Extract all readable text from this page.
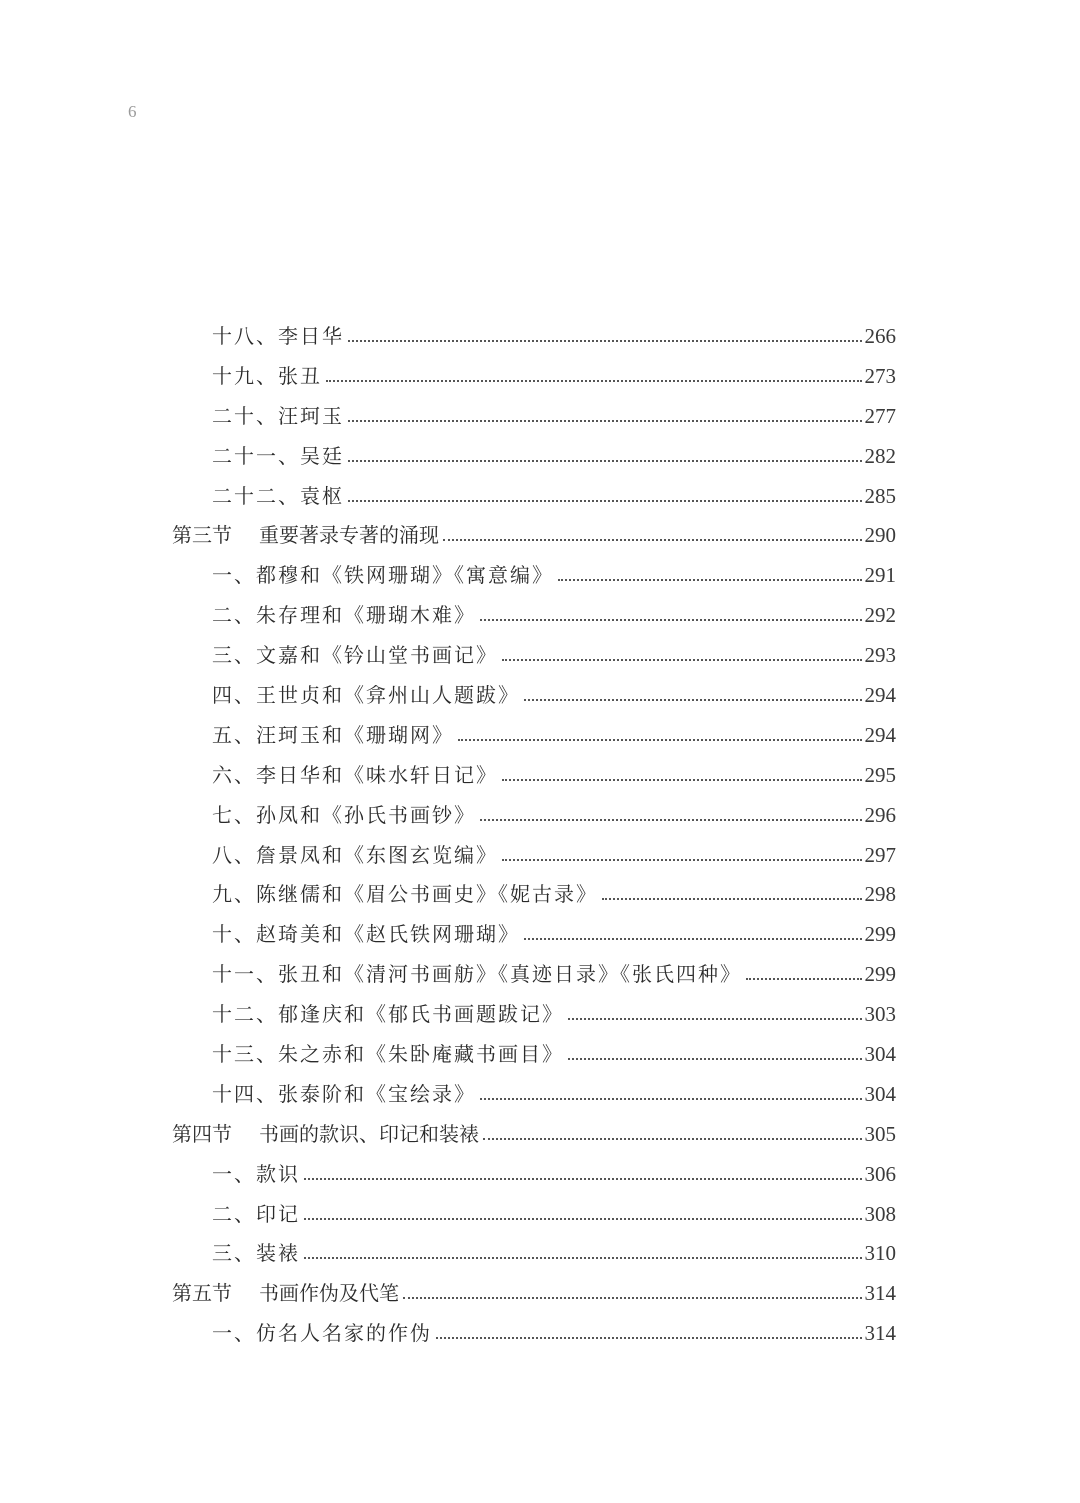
6
十八、李日华	266
十九、张丑	273
二十、汪珂玉	277
二十一、吴廷	282
二十二、袁枢	285
第三节 重要著录专著的涌现	290
一、都穆和《铁网珊瑚》《寓意编》	291
二、朱存理和《珊瑚木难》	292
三、文嘉和《钤山堂书画记》	293
四、王世贞和《弇州山人题跋》	294
五、汪珂玉和《珊瑚网》	294
六、李日华和《味水轩日记》	295
七、孙凤和《孙氏书画钞》	296
八、詹景凤和《东图玄览编》	297
九、陈继儒和《眉公书画史》《妮古录》	298
十、赵琦美和《赵氏铁网珊瑚》	299
十一、张丑和《清河书画舫》《真迹日录》《张氏四种》	299
十二、郁逢庆和《郁氏书画题跋记》	303
十三、朱之赤和《朱卧庵藏书画目》	304
十四、张泰阶和《宝绘录》	304
第四节 书画的款识、印记和装裱	305
一、款识	306
二、印记	308
三、装裱	310
第五节 书画作伪及代笔	314
一、仿名人名家的作伪	314
